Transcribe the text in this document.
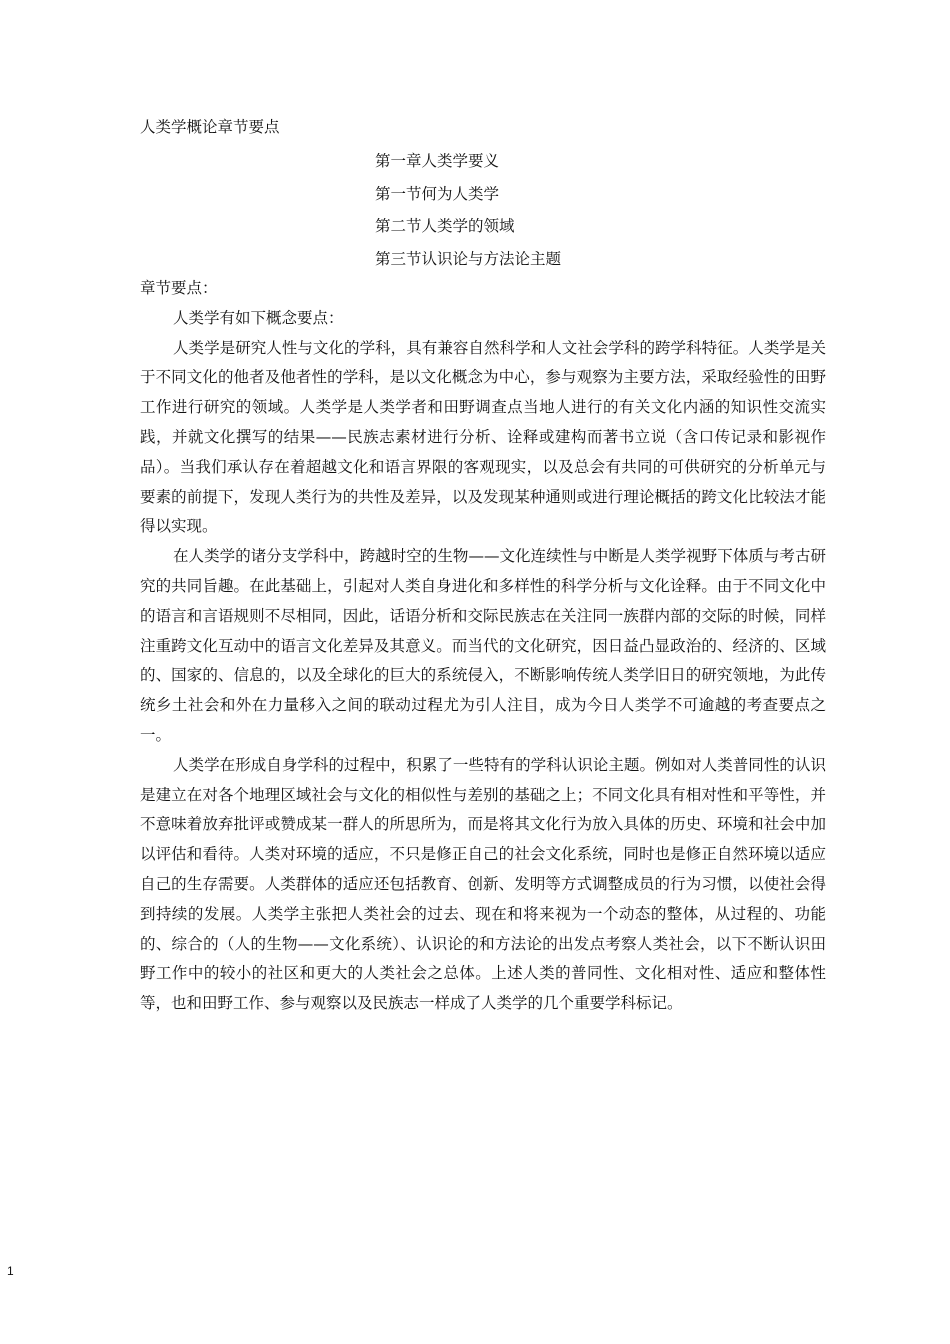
人类学概论章节要点
第一章人类学要义
第一节何为人类学
第二节人类学的领域
第三节认识论与方法论主题

章节要点：

人类学有如下概念要点：

人类学是研究人性与文化的学科，具有兼容自然科学和人文社会学科的跨学科特征。人类学是关于不同文化的他者及他者性的学科，是以文化概念为中心，参与观察为主要方法，采取经验性的田野工作进行研究的领域。人类学是人类学者和田野调查点当地人进行的有关文化内涵的知识性交流实践，并就文化撰写的结果——民族志素材进行分析、诠释或建构而著书立说（含口传记录和影视作品）。当我们承认存在着超越文化和语言界限的客观现实，以及总会有共同的可供研究的分析单元与要素的前提下，发现人类行为的共性及差异，以及发现某种通则或进行理论概括的跨文化比较法才能得以实现。

在人类学的诸分支学科中，跨越时空的生物——文化连续性与中断是人类学视野下体质与考古研究的共同旨趣。在此基础上，引起对人类自身进化和多样性的科学分析与文化诠释。由于不同文化中的语言和言语规则不尽相同，因此，话语分析和交际民族志在关注同一族群内部的交际的时候，同样注重跨文化互动中的语言文化差异及其意义。而当代的文化研究，因日益凸显政治的、经济的、区域的、国家的、信息的，以及全球化的巨大的系统侵入，不断影响传统人类学旧日的研究领地，为此传统乡土社会和外在力量移入之间的联动过程尤为引人注目，成为今日人类学不可逾越的考查要点之一。

人类学在形成自身学科的过程中，积累了一些特有的学科认识论主题。例如对人类普同性的认识是建立在对各个地理区域社会与文化的相似性与差别的基础之上；不同文化具有相对性和平等性，并不意味着放弃批评或赞成某一群人的所思所为，而是将其文化行为放入具体的历史、环境和社会中加以评估和看待。人类对环境的适应，不只是修正自己的社会文化系统，同时也是修正自然环境以适应自己的生存需要。人类群体的适应还包括教育、创新、发明等方式调整成员的行为习惯，以使社会得到持续的发展。人类学主张把人类社会的过去、现在和将来视为一个动态的整体，从过程的、功能的、综合的（人的生物——文化系统）、认识论的和方法论的出发点考察人类社会，以下不断认识田野工作中的较小的社区和更大的人类社会之总体。上述人类的普同性、文化相对性、适应和整体性等，也和田野工作、参与观察以及民族志一样成了人类学的几个重要学科标记。

1
